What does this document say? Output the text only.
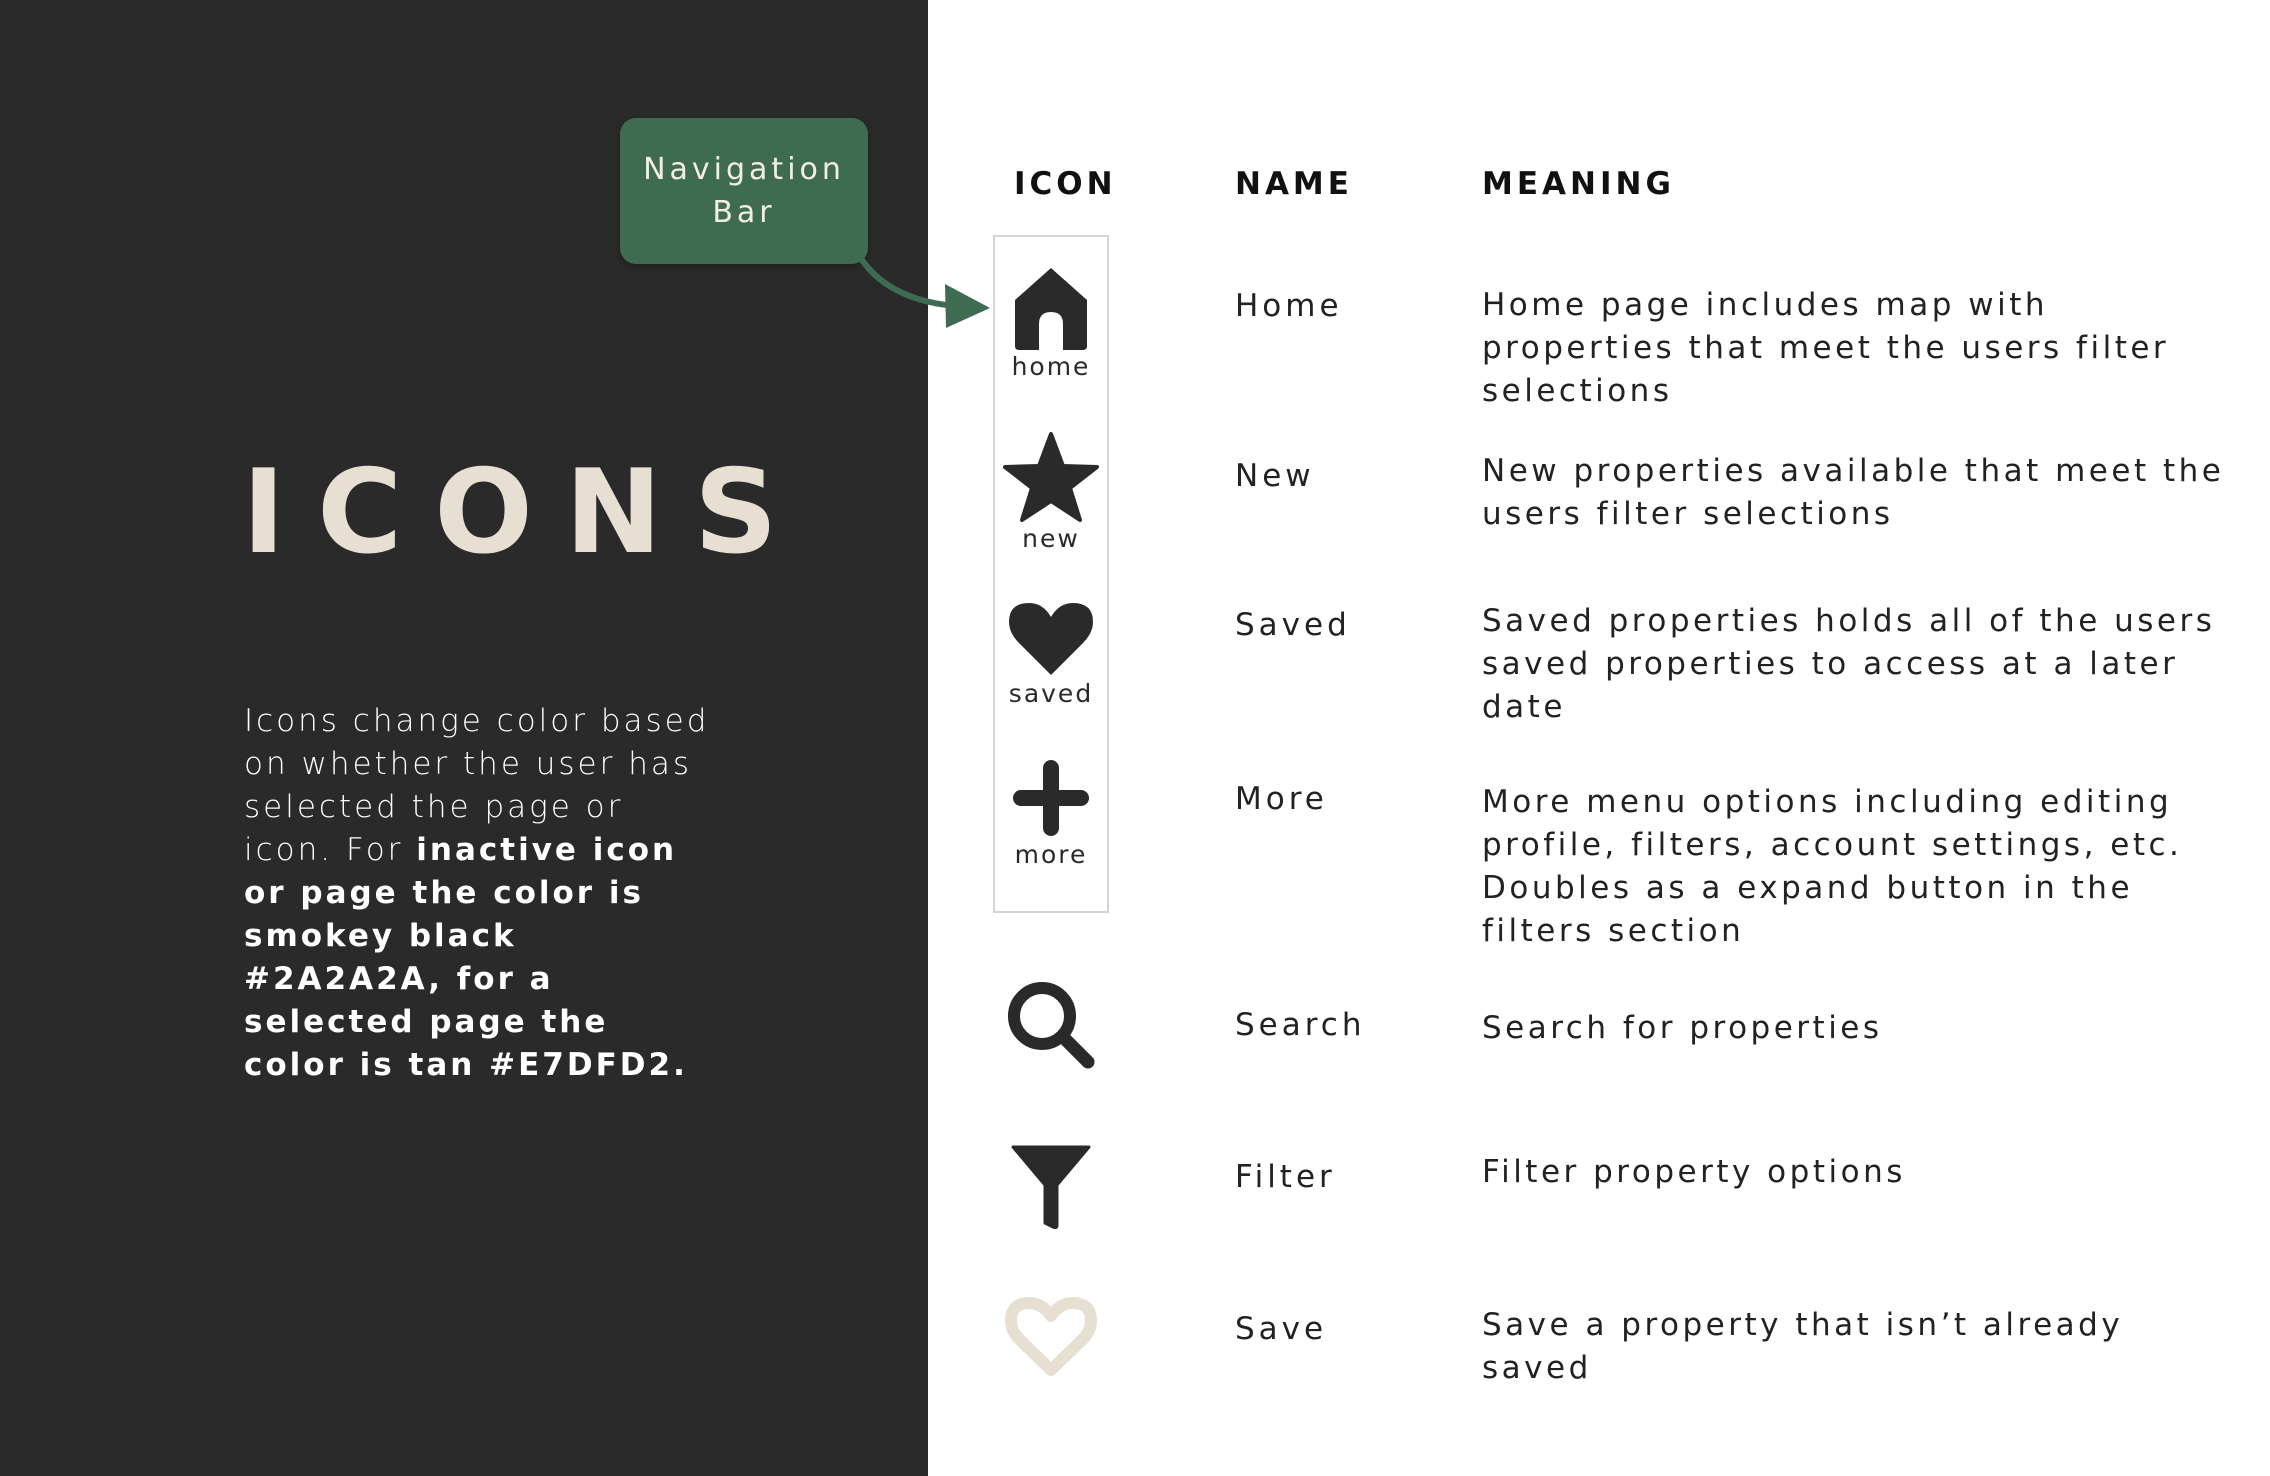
ICONS

Icons change color based on whether the user has selected the page or icon. For inactive icon or page the color is smokey black #2A2A2A, for a selected page the color is tan #E7DFD2.

Navigation Bar
ICON	NAME	MEANING
home
Home	Home page includes map with properties that meet the users filter selections
new
New	New properties available that meet the users filter selections
saved
Saved	Saved properties holds all of the users saved properties to access at a later date
more
More	More menu options including editing profile, filters, account settings, etc. Doubles as a expand button in the filters section
Search	Search for properties
Filter	Filter property options
Save	Save a property that isn’t already saved
